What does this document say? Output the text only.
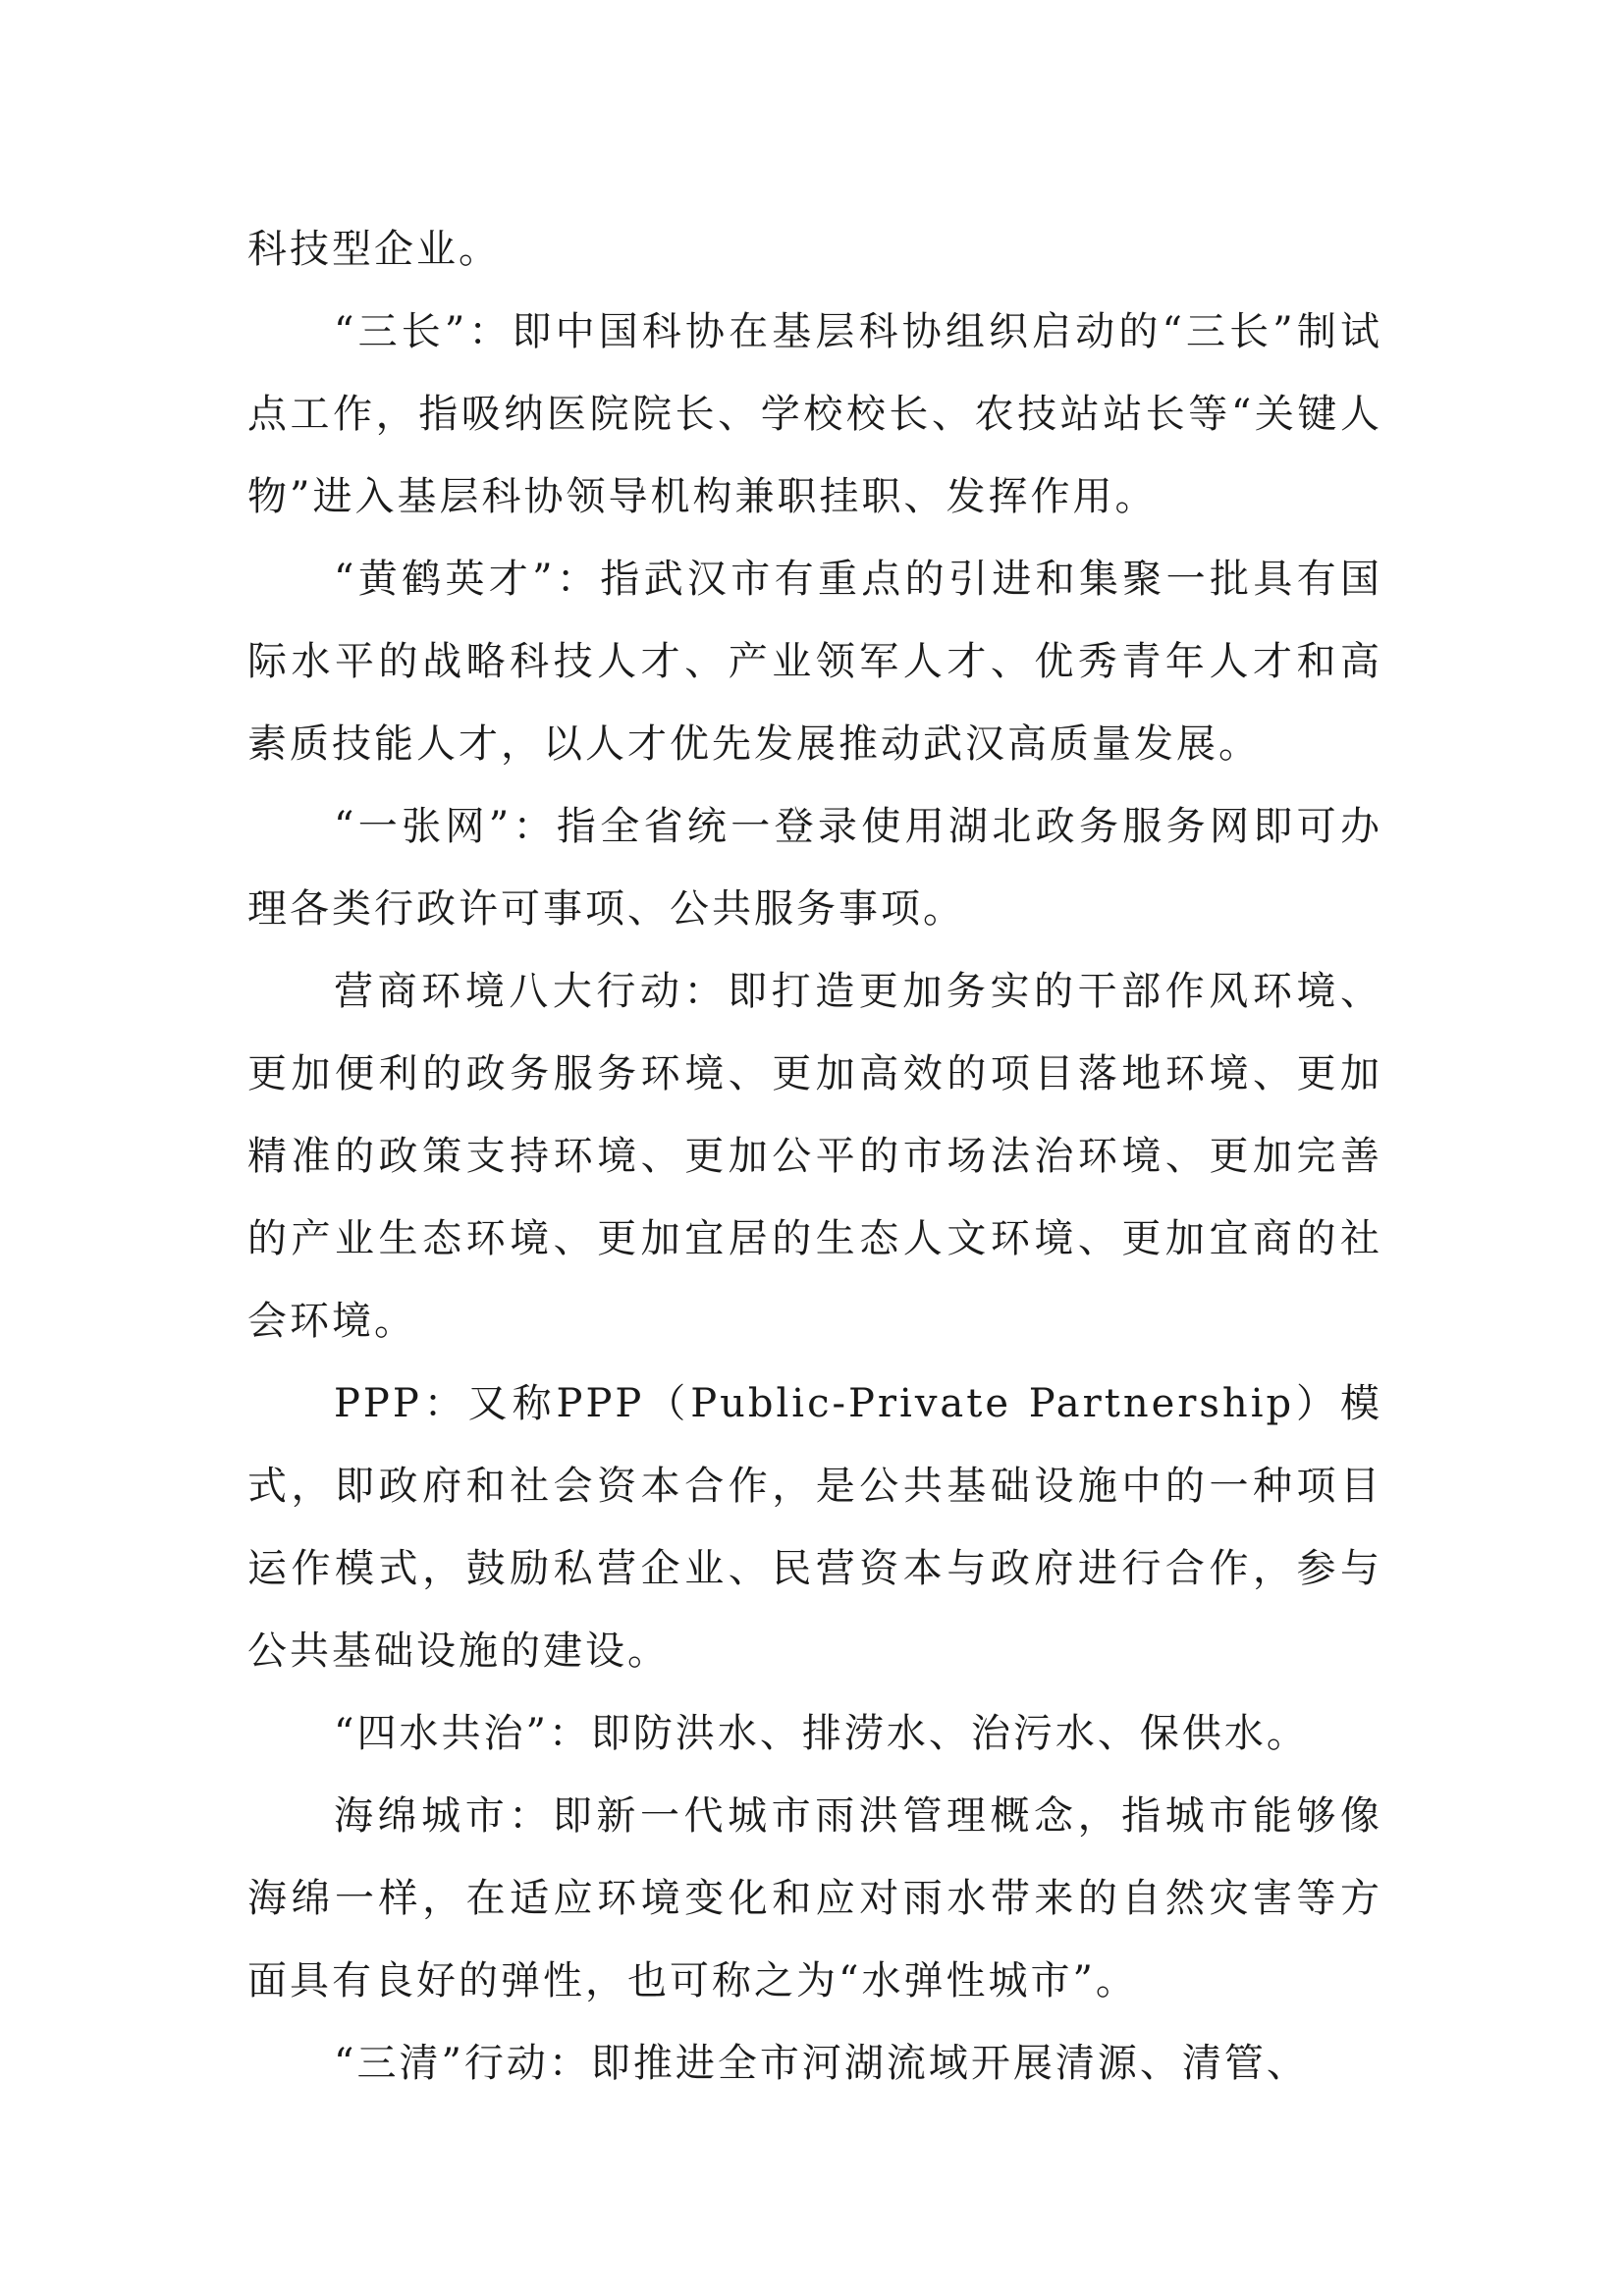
科技型企业。

“三长”：即中国科协在基层科协组织启动的“三长”制试点工作，指吸纳医院院长、学校校长、农技站站长等“关键人物”进入基层科协领导机构兼职挂职、发挥作用。

“黄鹤英才”：指武汉市有重点的引进和集聚一批具有国际水平的战略科技人才、产业领军人才、优秀青年人才和高素质技能人才，以人才优先发展推动武汉高质量发展。

“一张网”：指全省统一登录使用湖北政务服务网即可办理各类行政许可事项、公共服务事项。

营商环境八大行动：即打造更加务实的干部作风环境、更加便利的政务服务环境、更加高效的项目落地环境、更加精准的政策支持环境、更加公平的市场法治环境、更加完善的产业生态环境、更加宜居的生态人文环境、更加宜商的社会环境。

PPP：又称PPP（Public-Private Partnership）模式，即政府和社会资本合作，是公共基础设施中的一种项目运作模式，鼓励私营企业、民营资本与政府进行合作，参与公共基础设施的建设。

“四水共治”：即防洪水、排涝水、治污水、保供水。

海绵城市：即新一代城市雨洪管理概念，指城市能够像海绵一样，在适应环境变化和应对雨水带来的自然灾害等方面具有良好的弹性，也可称之为“水弹性城市”。

“三清”行动：即推进全市河湖流域开展清源、清管、
